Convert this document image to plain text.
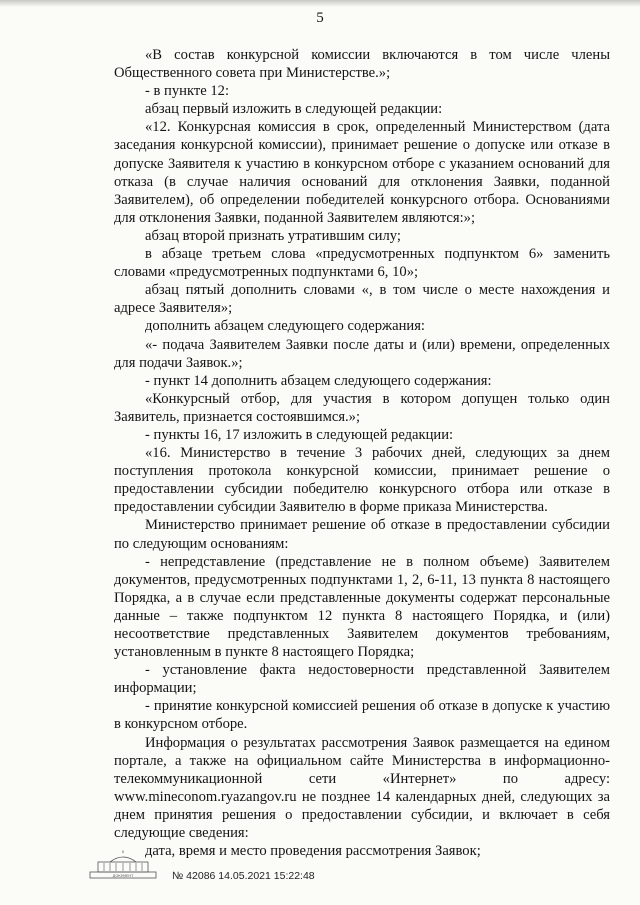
5

«В состав конкурсной комиссии включаются в том числе члены Общественного совета при Министерстве.»;

- в пункте 12:

абзац первый изложить в следующей редакции:

«12. Конкурсная комиссия в срок, определенный Министерством (дата заседания конкурсной комиссии), принимает решение о допуске или отказе в допуске Заявителя к участию в конкурсном отборе с указанием оснований для отказа (в случае наличия оснований для отклонения Заявки, поданной Заявителем), об определении победителей конкурсного отбора. Основаниями для отклонения Заявки, поданной Заявителем являются:»;

абзац второй признать утратившим силу;

в абзаце третьем слова «предусмотренных подпунктом 6» заменить словами «предусмотренных подпунктами 6, 10»;

абзац пятый дополнить словами «, в том числе о месте нахождения и адресе Заявителя»;

дополнить абзацем следующего содержания:

«- подача Заявителем Заявки после даты и (или) времени, определенных для подачи Заявок.»;

- пункт 14 дополнить абзацем следующего содержания:

«Конкурсный отбор, для участия в котором допущен только один Заявитель, признается состоявшимся.»;

- пункты 16, 17 изложить в следующей редакции:

«16. Министерство в течение 3 рабочих дней, следующих за днем поступления протокола конкурсной комиссии, принимает решение о предоставлении субсидии победителю конкурсного отбора или отказе в предоставлении субсидии Заявителю в форме приказа Министерства.

Министерство принимает решение об отказе в предоставлении субсидии по следующим основаниям:

- непредставление (представление не в полном объеме) Заявителем документов, предусмотренных подпунктами 1, 2, 6-11, 13 пункта 8 настоящего Порядка, а в случае если представленные документы содержат персональные данные – также подпунктом 12 пункта 8 настоящего Порядка, и (или) несоответствие представленных Заявителем документов требованиям, установленным в пункте 8 настоящего Порядка;

- установление факта недостоверности представленной Заявителем информации;

- принятие конкурсной комиссией решения об отказе в допуске к участию в конкурсном отборе.

Информация о результатах рассмотрения Заявок размещается на едином портале, а также на официальном сайте Министерства в информационно-телекоммуникационной сети «Интернет» по адресу: www.mineconom.ryazangov.ru не позднее 14 календарных дней, следующих за днем принятия решения о предоставлении субсидии, и включает в себя следующие сведения:

дата, время и место проведения рассмотрения Заявок;

ДОКУМЕНТ	№ 42086 14.05.2021 15:22:48
